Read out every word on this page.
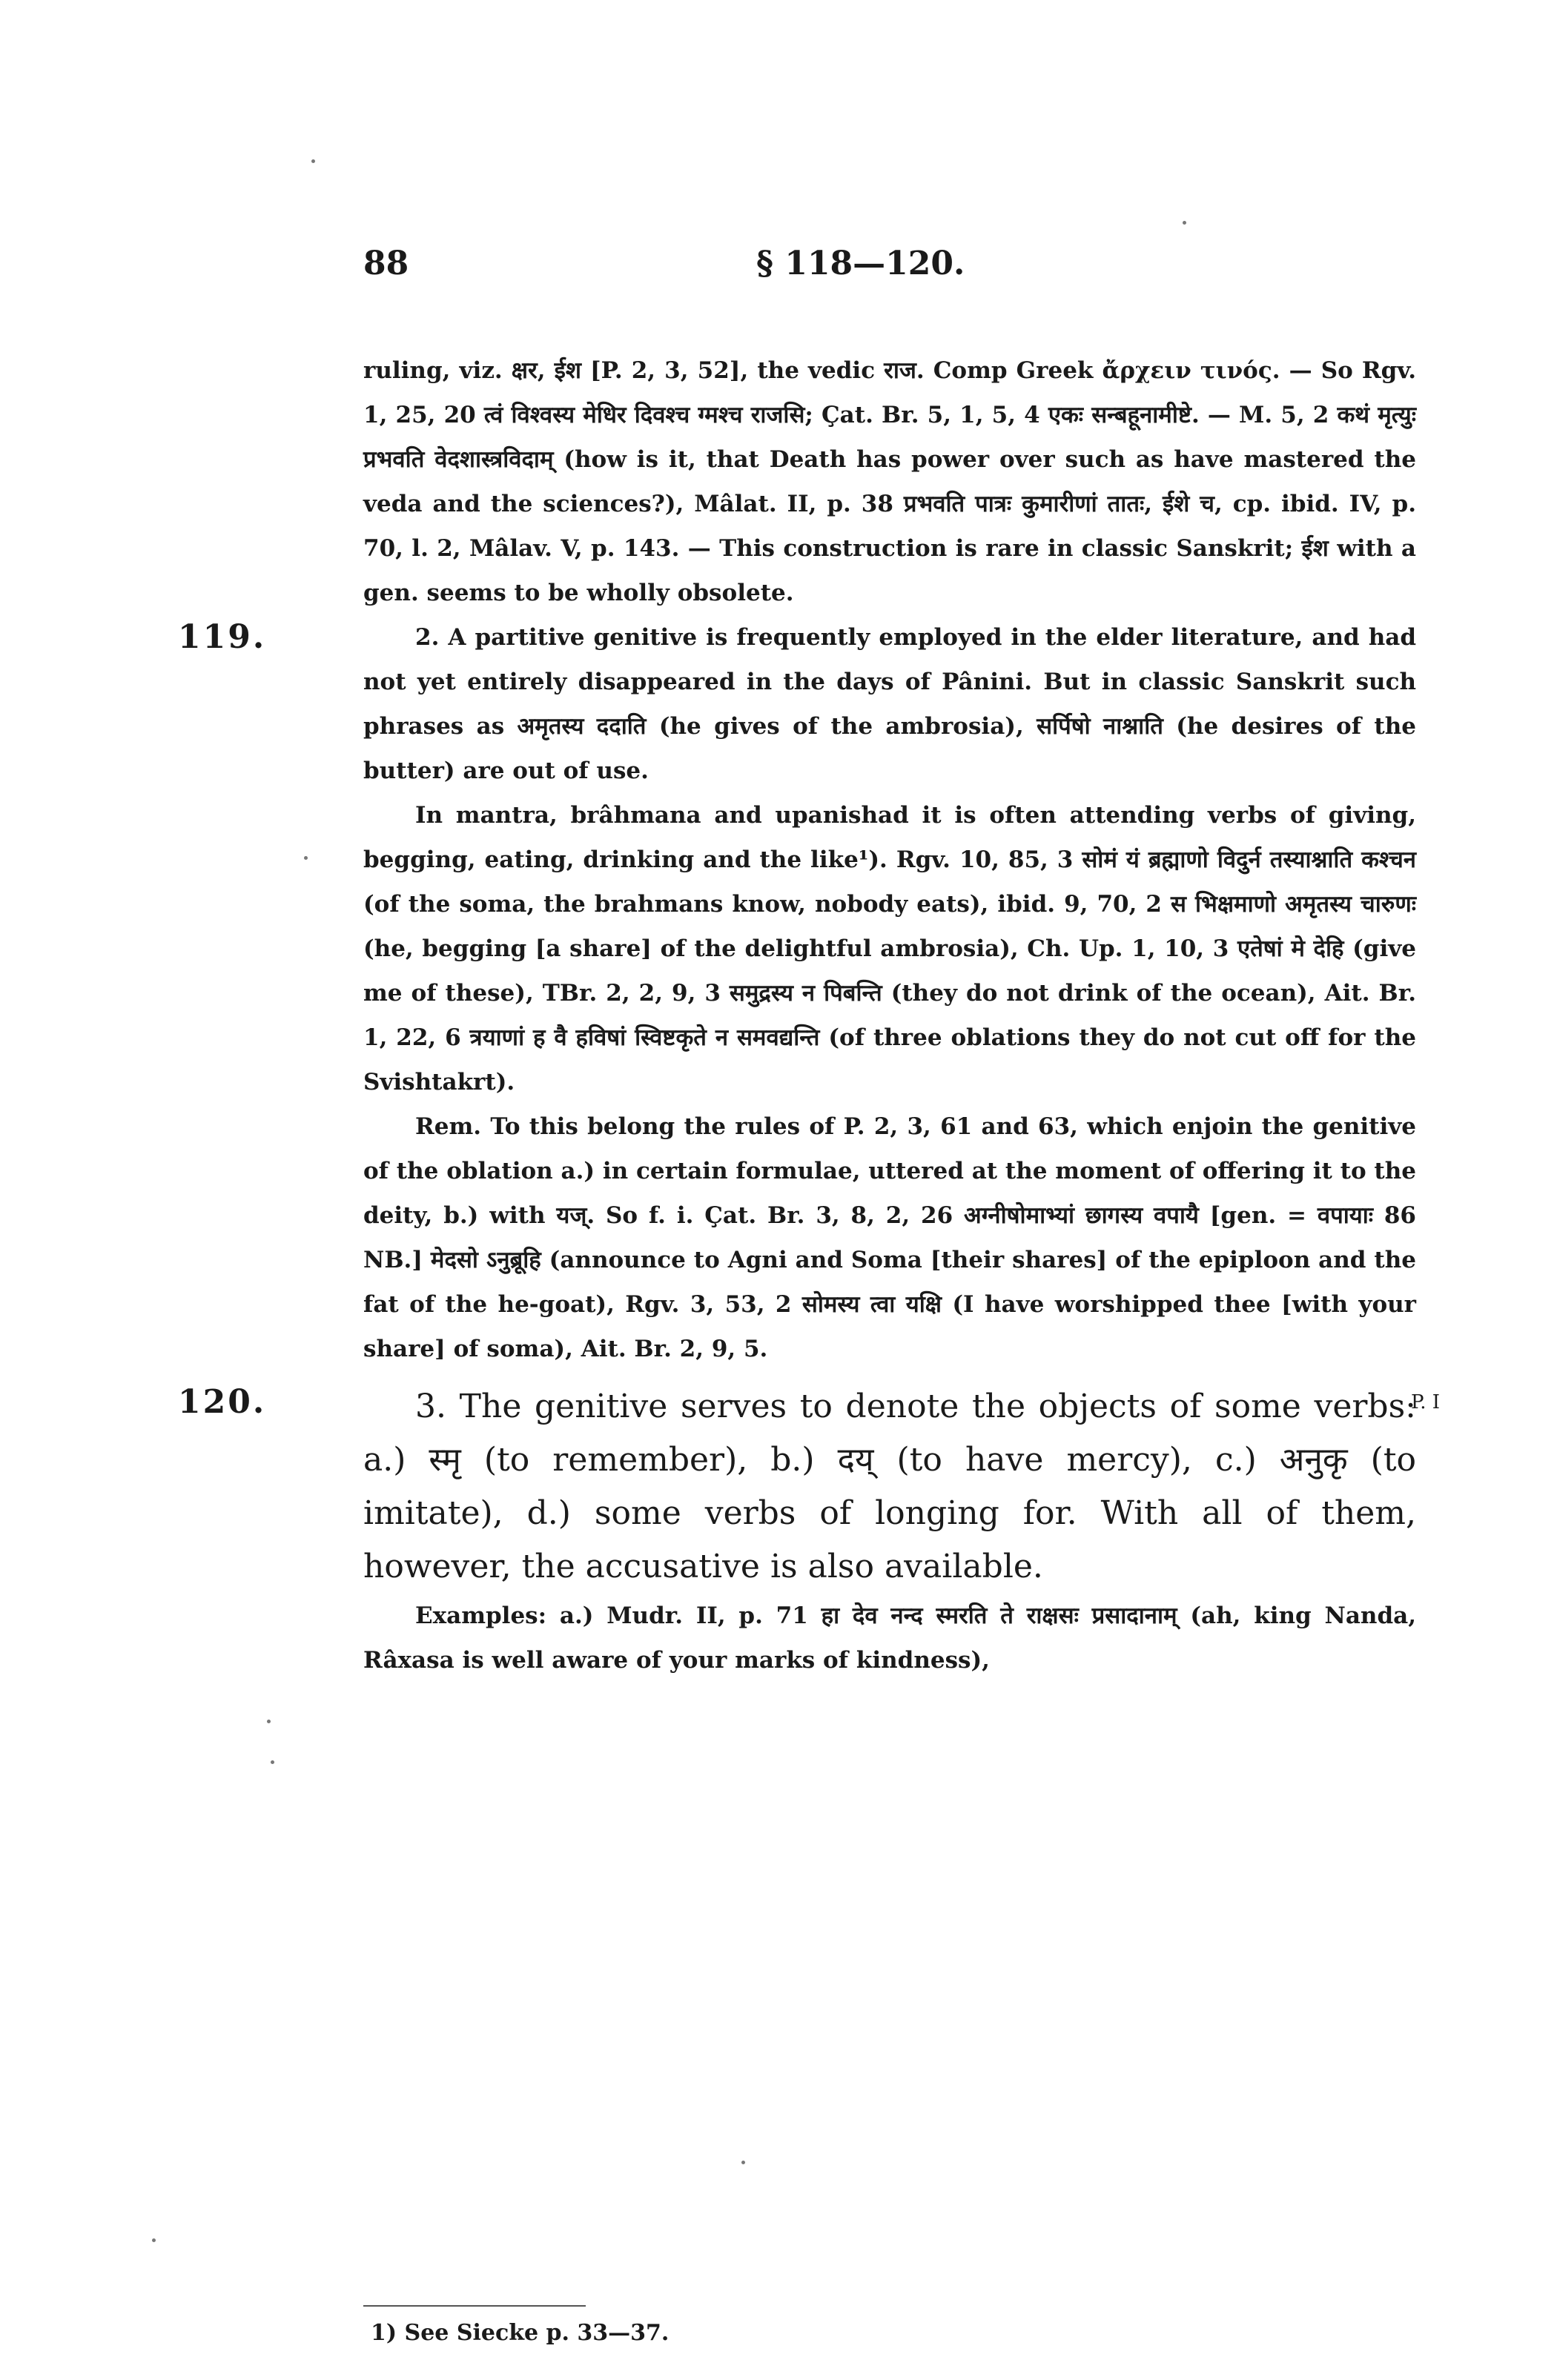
88	§ 118—120.

ruling, viz. क्षर, ईश [P. 2, 3, 52], the vedic राज. Comp Greek ἄρχειν τινός. — So Rgv. 1, 25, 20 त्वं विश्वस्य मेधिर दिवश्च ग्मश्च राजसि; Çat. Br. 5, 1, 5, 4 एकः सन्बहूनामीष्टे. — M. 5, 2 कथं मृत्युः प्रभवति वेदशास्त्रविदाम् (how is it, that Death has power over such as have mastered the veda and the sciences?), Mâlat. II, p. 38 प्रभवति पात्रः कुमारीणां तातः, ईशे च, cp. ibid. IV, p. 70, l. 2, Mâlav. V, p. 143. — This construction is rare in classic Sanskrit; ईश with a gen. seems to be wholly obsolete.

119.	2. A partitive genitive is frequently employed in the elder literature, and had not yet entirely disappeared in the days of Pânini. But in classic Sanskrit such phrases as अमृतस्य ददाति (he gives of the ambrosia), सर्पिषो नाश्नाति (he desires of the butter) are out of use.

In mantra, brâhmana and upanishad it is often attending verbs of giving, begging, eating, drinking and the like¹). Rgv. 10, 85, 3 सोमं यं ब्रह्माणो विदुर्न तस्याश्नाति कश्चन (of the soma, the brahmans know, nobody eats), ibid. 9, 70, 2 स भिक्षमाणो अमृतस्य चारुणः (he, begging [a share] of the delightful ambrosia), Ch. Up. 1, 10, 3 एतेषां मे देहि (give me of these), TBr. 2, 2, 9, 3 समुद्रस्य न पिबन्ति (they do not drink of the ocean), Ait. Br. 1, 22, 6 त्रयाणां ह वै हविषां स्विष्टकृते न समवद्यन्ति (of three oblations they do not cut off for the Svishtakrt).

Rem. To this belong the rules of P. 2, 3, 61 and 63, which enjoin the genitive of the oblation a.) in certain formulae, uttered at the moment of offering it to the deity, b.) with यज्. So f. i. Çat. Br. 3, 8, 2, 26 अग्नीषोमाभ्यां छागस्य वपायै [gen. = वपायाः 86 NB.] मेदसो ऽनुब्रूहि (announce to Agni and Soma [their shares] of the epiploon and the fat of the he-goat), Rgv. 3, 53, 2 सोमस्य त्वा यक्षि (I have worshipped thee [with your share] of soma), Ait. Br. 2, 9, 5.

120.	P. I

3. The genitive serves to denote the objects of some verbs: a.) स्मृ (to remember), b.) दय् (to have mercy), c.) अनुकृ (to imitate), d.) some verbs of longing for. With all of them, however, the accusative is also available.

Examples: a.) Mudr. II, p. 71 हा देव नन्द स्मरति ते राक्षसः प्रसादानाम् (ah, king Nanda, Râxasa is well aware of your marks of kindness),

1) See Siecke p. 33—37.
